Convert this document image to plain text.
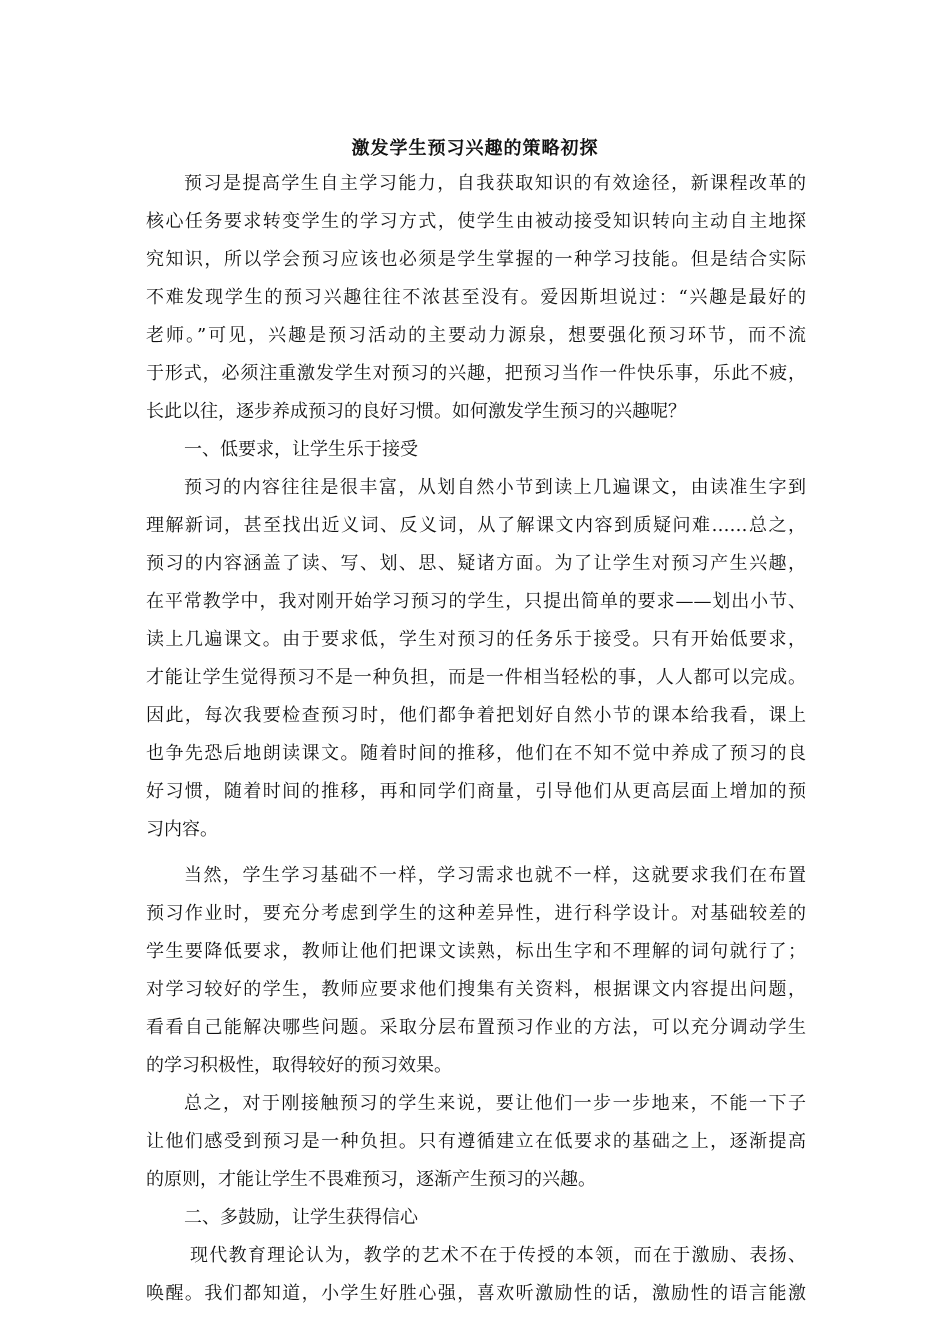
激发学生预习兴趣的策略初探
预习是提高学生自主学习能力，自我获取知识的有效途径，新课程改革的
核心任务要求转变学生的学习方式，使学生由被动接受知识转向主动自主地探
究知识，所以学会预习应该也必须是学生掌握的一种学习技能。但是结合实际
不难发现学生的预习兴趣往往不浓甚至没有。爱因斯坦说过：“兴趣是最好的
老师。”可见，兴趣是预习活动的主要动力源泉，想要强化预习环节，而不流
于形式，必须注重激发学生对预习的兴趣，把预习当作一件快乐事，乐此不疲，
长此以往，逐步养成预习的良好习惯。如何激发学生预习的兴趣呢？
一、低要求，让学生乐于接受
预习的内容往往是很丰富，从划自然小节到读上几遍课文，由读准生字到
理解新词，甚至找出近义词、反义词，从了解课文内容到质疑问难……总之，
预习的内容涵盖了读、写、划、思、疑诸方面。为了让学生对预习产生兴趣，
在平常教学中，我对刚开始学习预习的学生，只提出简单的要求——划出小节、
读上几遍课文。由于要求低，学生对预习的任务乐于接受。只有开始低要求，
才能让学生觉得预习不是一种负担，而是一件相当轻松的事，人人都可以完成。
因此，每次我要检查预习时，他们都争着把划好自然小节的课本给我看，课上
也争先恐后地朗读课文。随着时间的推移，他们在不知不觉中养成了预习的良
好习惯，随着时间的推移，再和同学们商量，引导他们从更高层面上增加的预
习内容。
当然，学生学习基础不一样，学习需求也就不一样，这就要求我们在布置
预习作业时，要充分考虑到学生的这种差异性，进行科学设计。对基础较差的
学生要降低要求，教师让他们把课文读熟，标出生字和不理解的词句就行了；
对学习较好的学生，教师应要求他们搜集有关资料，根据课文内容提出问题，
看看自己能解决哪些问题。采取分层布置预习作业的方法，可以充分调动学生
的学习积极性，取得较好的预习效果。
总之，对于刚接触预习的学生来说，要让他们一步一步地来，不能一下子
让他们感受到预习是一种负担。只有遵循建立在低要求的基础之上，逐渐提高
的原则，才能让学生不畏难预习，逐渐产生预习的兴趣。
二、多鼓励，让学生获得信心
现代教育理论认为，教学的艺术不在于传授的本领，而在于激励、表扬、
唤醒。我们都知道，小学生好胜心强，喜欢听激励性的话，激励性的语言能激
